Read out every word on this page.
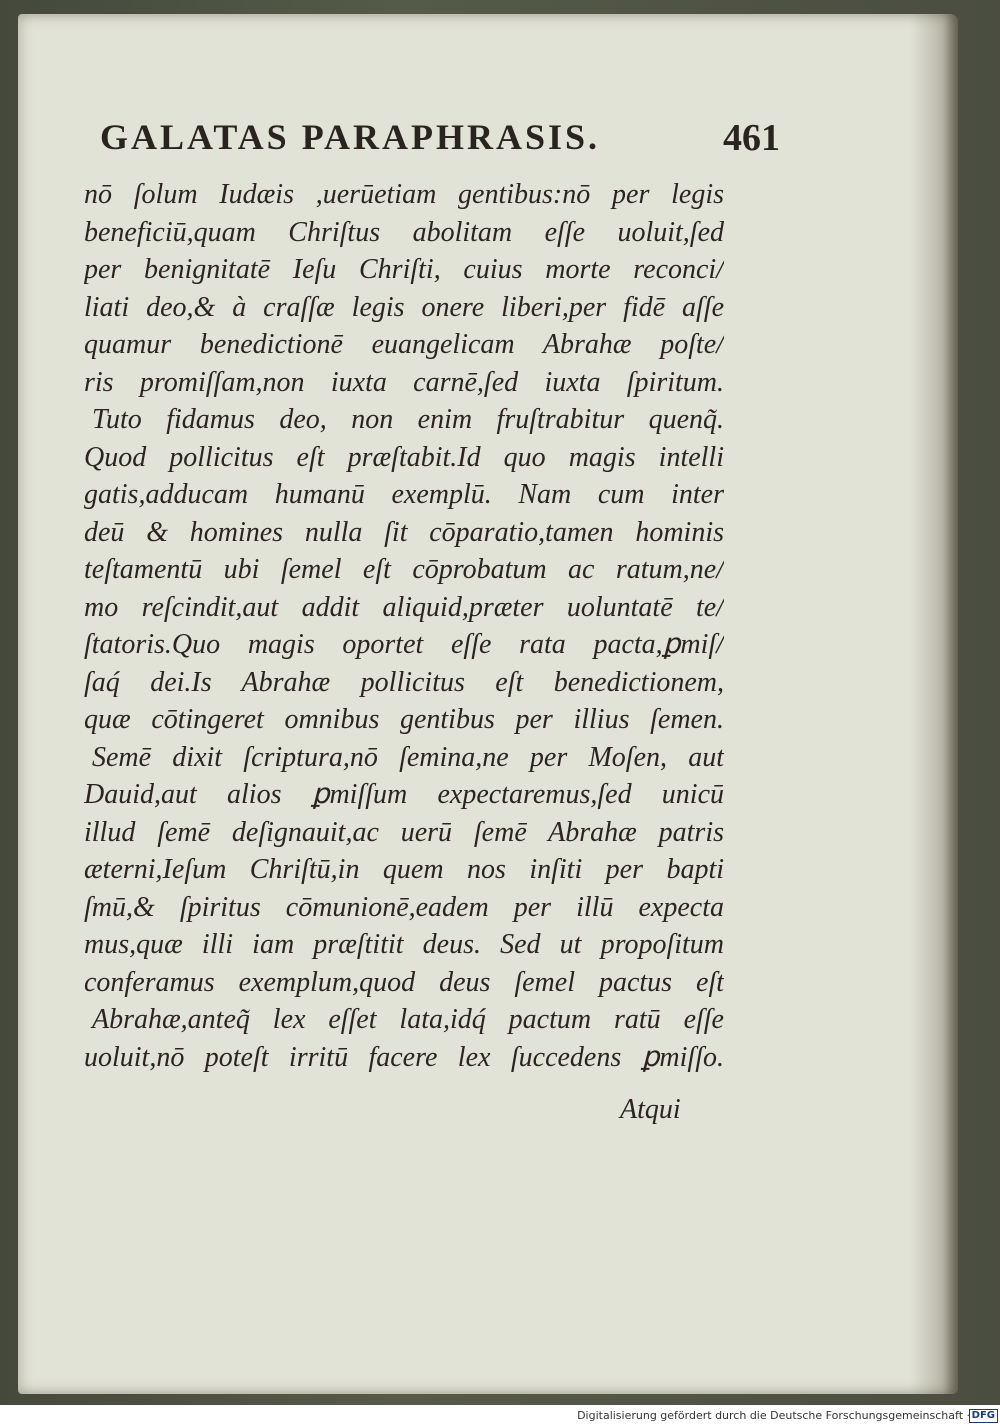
GALATAS PARAPHRASIS.	461
nō ſolum Iudæis ,uerūetiam gentibus:nō per legis
beneficiū,quam Chriſtus abolitam eſſe uoluit,ſed
per benignitatē Ieſu Chriſti, cuius morte reconci/
liati deo,& à craſſæ legis onere liberi,per fidē aſſe
quamur benedictionē euangelicam Abrahæ poſte/
ris promiſſam,non iuxta carnē,ſed iuxta ſpiritum.
Tuto fidamus deo, non enim fruſtrabitur quenq̃.
Quod pollicitus eſt præſtabit.Id quo magis intelli
gatis,adducam humanū exemplū. Nam cum inter
deū & homines nulla ſit cōparatio,tamen hominis
teſtamentū ubi ſemel eſt cōprobatum ac ratum,ne/
mo reſcindit,aut addit aliquid,præter uoluntatē te/
ſtatoris.Quo magis oportet eſſe rata pacta,ꝑmiſ/
ſaq́ dei.Is Abrahæ pollicitus eſt benedictionem,
quæ cōtingeret omnibus gentibus per illius ſemen.
Semē dixit ſcriptura,nō ſemina,ne per Moſen, aut
Dauid,aut alios ꝑmiſſum expectaremus,ſed unicū
illud ſemē deſignauit,ac uerū ſemē Abrahæ patris
æterni,Ieſum Chriſtū,in quem nos inſiti per bapti
ſmū,& ſpiritus cōmunionē,eadem per illū expecta
mus,quæ illi iam præſtitit deus. Sed ut propoſitum
conferamus exemplum,quod deus ſemel pactus eſt
Abrahæ,anteq̃ lex eſſet lata,idq́ pactum ratū eſſe
uoluit,nō poteſt irritū facere lex ſuccedens ꝑmiſſo.
Atqui
Digitalisierung gefördert durch die Deutsche Forschungsgemeinschaft · DFG
